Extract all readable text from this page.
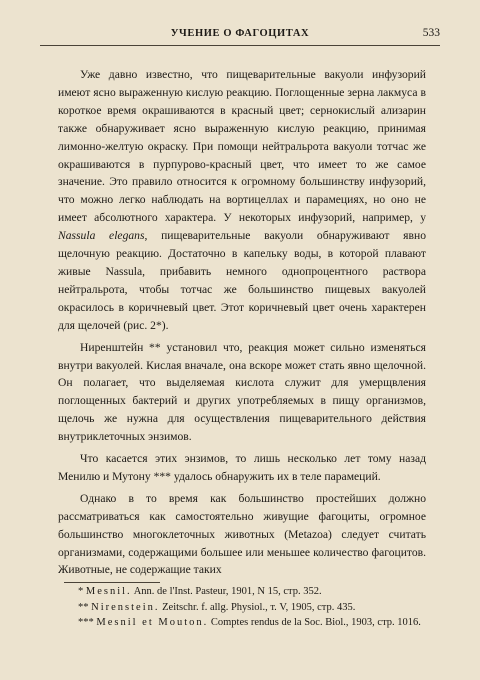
УЧЕНИЕ О ФАГОЦИТАХ	533

Уже давно известно, что пищеварительные вакуоли инфузорий имеют ясно выраженную кислую реакцию. Поглощенные зерна лакмуса в короткое время окрашиваются в красный цвет; сернокислый ализарин также обнаруживает ясно выраженную кислую реакцию, принимая лимонно-желтую окраску. При помощи нейтральрота вакуоли тотчас же окрашиваются в пурпурово-красный цвет, что имеет то же самое значение. Это правило относится к огромному большинству инфузорий, что можно легко наблюдать на вортицеллах и парамециях, но оно не имеет абсолютного характера. У некоторых инфузорий, например, у Nassula elegans, пищеварительные вакуоли обнаруживают явно щелочную реакцию. Достаточно в капельку воды, в которой плавают живые Nassula, прибавить немного однопроцентного раствора нейтральрота, чтобы тотчас же большинство пищевых вакуолей окрасилось в коричневый цвет. Этот коричневый цвет очень характерен для щелочей (рис. 2*).

Ниренштейн ** установил что, реакция может сильно изменяться внутри вакуолей. Кислая вначале, она вскоре может стать явно щелочной. Он полагает, что выделяемая кислота служит для умерщвления поглощенных бактерий и других употребляемых в пищу организмов, щелочь же нужна для осуществления пищеварительного действия внутриклеточных энзимов.

Что касается этих энзимов, то лишь несколько лет тому назад Менилю и Мутону *** удалось обнаружить их в теле парамеций.

Однако в то время как большинство простейших должно рассматриваться как самостоятельно живущие фагоциты, огромное большинство многоклеточных животных (Metazoa) следует считать организмами, содержащими большее или меньшее количество фагоцитов. Животные, не содержащие таких

* Mesnil. Ann. de l'Inst. Pasteur, 1901, N 15, стр. 352.

** Nirenstein. Zeitschr. f. allg. Physiol., т. V, 1905, стр. 435.

*** Mesnil et Mouton. Comptes rendus de la Soc. Biol., 1903, стр. 1016.
